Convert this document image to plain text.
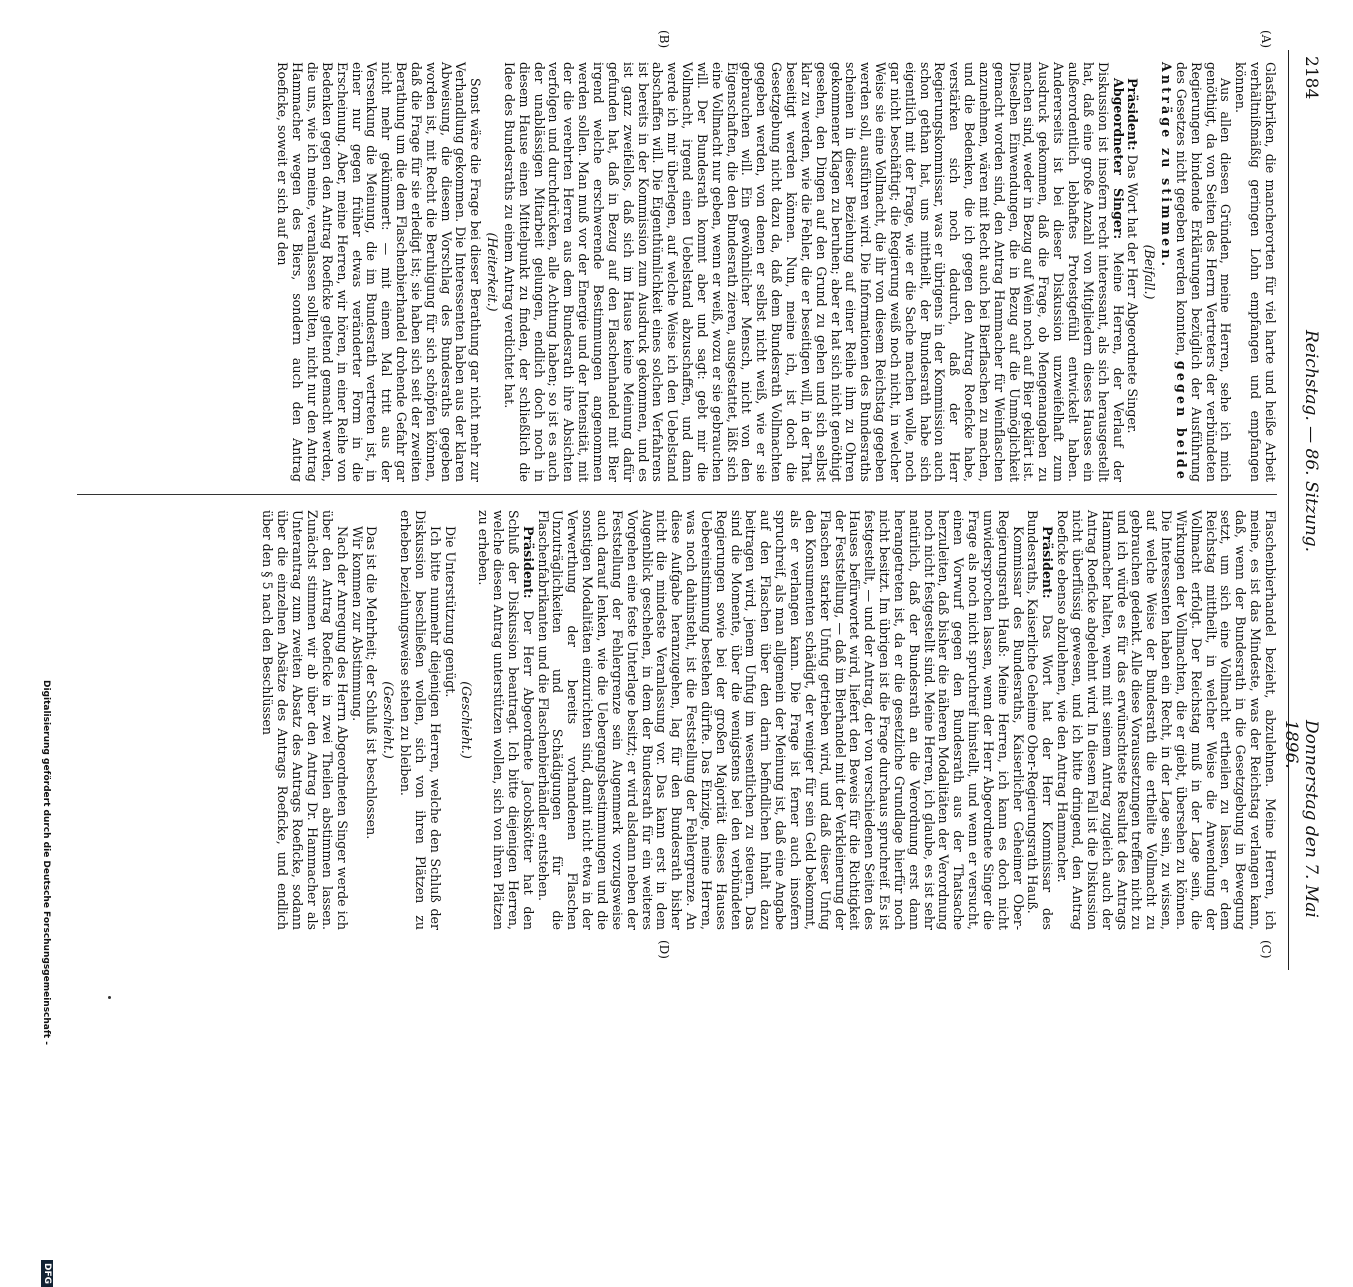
2184
Reichstag. — 86. Sitzung.
Donnerstag den 7. Mai 1896.
(A)
(B)
(C)
(D)

Glasfabriken, die mancherorten für viel harte und heiße Arbeit verhältnißmäßig geringen Lohn empfangen und empfangen können.

Aus allen diesen Gründen, meine Herren, sehe ich mich genöthigt, da von Seiten des Herrn Vertreters der verbündeten Regierungen bindende Erklärungen bezüglich der Ausführung des Gesetzes nicht gegeben werden konnten, gegen beide Anträge zu stimmen.

(Beifall.)

Präsident: Das Wort hat der Herr Abgeordnete Singer.

Abgeordneter Singer: Meine Herren, der Verlauf der Diskussion ist insofern recht interessant, als sich herausgestellt hat, daß eine große Anzahl von Mitgliedern dieses Hauses ein außerordentlich lebhaftes Protestgefühl entwickelt haben. Andererseits ist bei dieser Diskussion unzweifelhaft zum Ausdruck gekommen, daß die Frage, ob Mengenangaben zu machen sind, weder in Bezug auf Wein noch auf Bier geklärt ist. Dieselben Einwendungen, die in Bezug auf die Unmöglichkeit gemacht worden sind, den Antrag Hammacher für Weinflaschen anzunehmen, wären mit Recht auch bei Bierflaschen zu machen, und die Bedenken, die ich gegen den Antrag Roeficke habe, verstärken sich noch dadurch, daß der Herr Regierungskommissar, was er übrigens in der Kommission auch schon gethan hat, uns mittheilt, der Bundesrath habe sich eigentlich mit der Frage, wie er die Sache machen wolle, noch gar nicht beschäftigt; die Regierung weiß noch nicht, in welcher Weise sie eine Vollmacht, die ihr von diesem Reichstag gegeben werden soll, ausführen wird. Die Informationen des Bundesraths scheinen in dieser Beziehung auf einer Reihe ihm zu Ohren gekommener Klagen zu beruhen; aber er hat sich nicht genöthigt gesehen, den Dingen auf den Grund zu gehen und sich selbst klar zu werden, wie die Fehler, die er beseitigen will, in der That beseitigt werden können. Nun, meine ich, ist doch die Gesetzgebung nicht dazu da, daß dem Bundesrath Vollmachten gegeben werden, von denen er selbst nicht weiß, wie er sie gebrauchen will. Ein gewöhnlicher Mensch, nicht von den Eigenschaften, die den Bundesrath zieren, ausgestattet, läßt sich eine Vollmacht nur geben, wenn er weiß, wozu er sie gebrauchen will. Der Bundesrath kommt aber und sagt: gebt mir die Vollmacht, irgend einen Uebelstand abzuschaffen, und dann werde ich mir überlegen, auf welche Weise ich den Uebelstand abschaffen will. Die Eigenthümlichkeit eines solchen Verfahrens ist bereits in der Kommission zum Ausdruck gekommen, und es ist ganz zweifellos, daß sich im Hause keine Meinung dafür gefunden hat, daß in Bezug auf den Flaschenhandel mit Bier irgend welche erschwerende Bestimmungen angenommen werden sollen. Man muß vor der Energie und der Intensität, mit der die verehrten Herren aus dem Bundesrath ihre Absichten verfolgen und durchdrücken, alle Achtung haben; so ist es auch der unablässigen Mitarbeit gelungen, endlich doch noch in diesem Hause einen Mittelpunkt zu finden, der schließlich die Idee des Bundesraths zu einem Antrag verdichtet hat.

(Heiterkeit.)

Sonst wäre die Frage bei dieser Berathung gar nicht mehr zur Verhandlung gekommen. Die Interessenten haben aus der klaren Abweisung, die diesem Vorschlag des Bundesraths gegeben worden ist, mit Recht die Beruhigung für sich schöpfen können, daß die Frage für sie erledigt ist; sie haben sich seit der zweiten Berathung um die dem Flaschenbierhandel drohende Gefahr gar nicht mehr gekümmert: — mit einem Mal tritt aus der Versenkung die Meinung, die im Bundesrath vertreten ist, in einer nur gegen früher etwas veränderter Form in die Erscheinung. Aber, meine Herren, wir hören, in einer Reihe von Bedenken gegen den Antrag Roeficke geltend gemacht werden, die uns, wie ich meine, veranlassen sollten, nicht nur den Antrag Hammacher wegen des Biers, sondern auch den Antrag Roeficke, soweit er sich auf den

Flaschenbierhandel bezieht, abzulehnen. Meine Herren, ich meine, es ist das Mindeste, was der Reichstag verlangen kann, daß, wenn der Bundesrath in die Gesetzgebung in Bewegung setzt, um sich eine Vollmacht ertheilen zu lassen, er dem Reichstag mittheilt, in welcher Weise die Anwendung der Vollmacht erfolgt. Der Reichstag muß in der Lage sein, die Wirkungen der Vollmachten, die er giebt, übersehen zu können. Die Interessenten haben ein Recht, in der Lage sein, zu wissen, auf welche Weise der Bundesrath die ertheilte Vollmacht zu gebrauchen gedenkt. Alle diese Voraussetzungen treffen nicht zu und ich würde es für das erwünschteste Resultat des Antrags Hammacher halten, wenn mit seinem Antrag zugleich auch der Antrag Roeficke abgelehnt wird. In diesem Fall ist die Diskussion nicht überflüssig gewesen, und ich bitte dringend, den Antrag Roeficke ebenso abzulehnen, wie den Antrag Hammacher.

Präsident: Das Wort hat der Herr Kommissar des Bundesraths, Kaiserliche Geheime Ober-Regierungsrath Hauß.

Kommissar des Bundesraths, Kaiserlicher Geheimer Ober-Regierungsrath Hauß: Meine Herren, ich kann es doch nicht unwidersprochen lassen, wenn der Herr Abgeordnete Singer die Frage als noch nicht spruchreif hinstellt, und wenn er versucht, einen Vorwurf gegen den Bundesrath aus der Thatsache herzuleiten, daß bisher die näheren Modalitäten der Verordnung noch nicht festgestellt sind. Meine Herren, ich glaube, es ist sehr natürlich, daß der Bundesrath an die Verordnung erst dann herangetreten ist, da er die gesetzliche Grundlage hierfür noch nicht besitzt. Im übrigen ist die Frage durchaus spruchreif. Es ist festgestellt, — und der Antrag, der von verschiedenen Seiten des Hauses befürwortet wird, liefert den Beweis für die Richtigkeit der Feststellung, — daß im Bierhandel mit der Verkleinerung der Flaschen starker Unfug getrieben wird, und daß dieser Unfug den Konsumenten schädigt, der weniger für sein Geld bekommt, als er verlangen kann. Die Frage ist ferner auch insofern spruchreif, als man allgemein der Meinung ist, daß eine Angabe auf den Flaschen über den darin befindlichen Inhalt dazu beitragen wird, jenem Unfug im wesentlichen zu steuern. Das sind die Momente, über die wenigstens bei den verbündeten Regierungen sowie bei der großen Majorität dieses Hauses Uebereinstimmung bestehen dürfte. Das Einzige, meine Herren, was noch dahinsteht, ist die Feststellung der Fehlergrenze. An diese Aufgabe heranzugehen, lag für den Bundesrath bisher nicht die mindeste Veranlassung vor. Das kann erst in dem Augenblick geschehen, in dem der Bundesrath für ein weiteres Vorgehen eine feste Unterlage besitzt; er wird alsdann neben der Feststellung der Fehlergrenze sein Augenmerk vorzugsweise auch darauf lenken, wie die Uebergangsbestimmungen und die sonstigen Modalitäten einzurichten sind, damit nicht etwa in der Verwerthung der bereits vorhandenen Flaschen Unzuträglichkeiten und Schädigungen für die Flaschenfabrikanten und die Flaschenbierhändler entstehen.

Präsident: Der Herr Abgeordnete Jacobskötter hat den Schluß der Diskussion beantragt. Ich bitte diejenigen Herren, welche diesen Antrag unterstützen wollen, sich von ihren Plätzen zu erheben.

(Geschieht.)

Die Unterstützung genügt.

Ich bitte nunmehr diejenigen Herren, welche den Schluß der Diskussion beschließen wollen, sich von ihren Plätzen zu erheben beziehungsweise stehen zu bleiben.

(Geschieht.)

Das ist die Mehrheit; der Schluß ist beschlossen.

Wir kommen zur Abstimmung.

Nach der Anregung des Herrn Abgeordneten Singer werde ich über den Antrag Roeficke in zwei Theilen abstimmen lassen. Zunächst stimmen wir ab über den Antrag Dr. Hammacher als Unterantrag zum zweiten Absatz des Antrags Roeficke, sodann über die einzelnen Absätze des Antrags Roeficke, und endlich über den § 5 nach den Beschlüssen

Digitalisierung gefördert durch die Deutsche Forschungsgemeinschaft -
DFG
